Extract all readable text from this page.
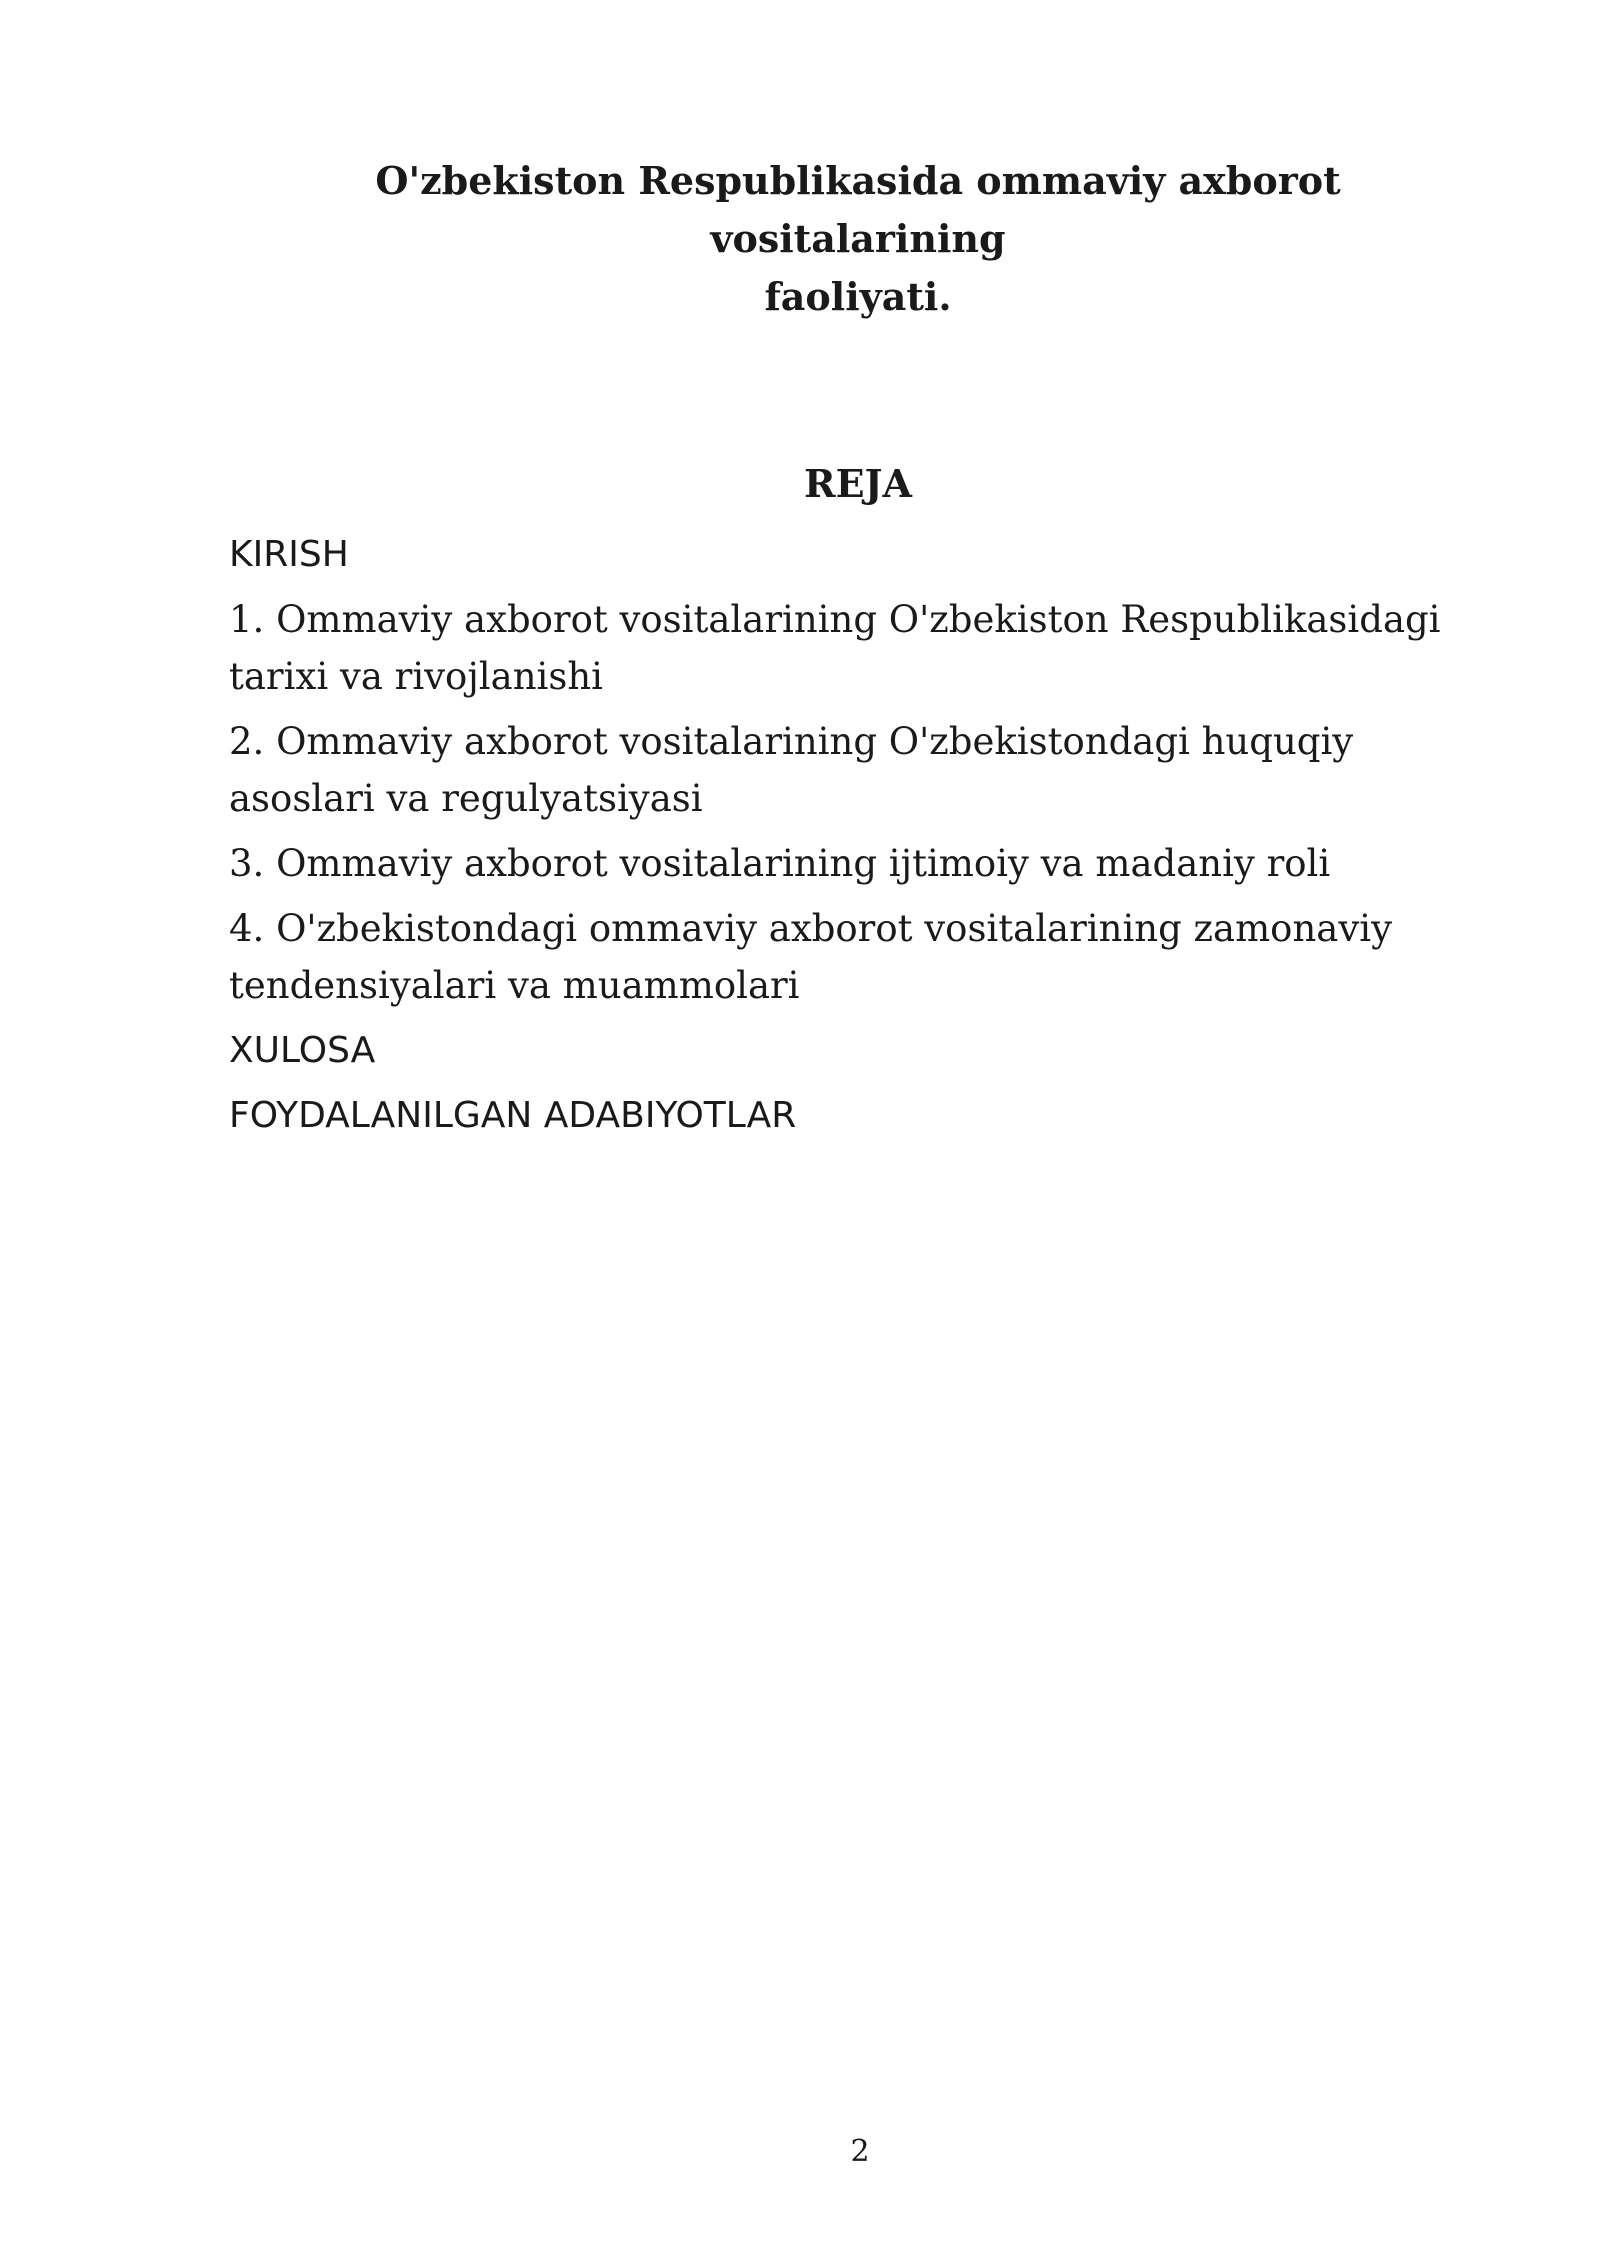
O'zbekiston Respublikasida ommaviy axborot
vositalarining
faoliyati.
REJA
KIRISH
1. Ommaviy axborot vositalarining O'zbekiston Respublikasidagi tarixi va rivojlanishi
2. Ommaviy axborot vositalarining O'zbekistondagi huquqiy asoslari va regulyatsiyasi
3. Ommaviy axborot vositalarining ijtimoiy va madaniy roli
4. O'zbekistondagi ommaviy axborot vositalarining zamonaviy tendensiyalari va muammolari
XULOSA
FOYDALANILGAN ADABIYOTLAR
2
